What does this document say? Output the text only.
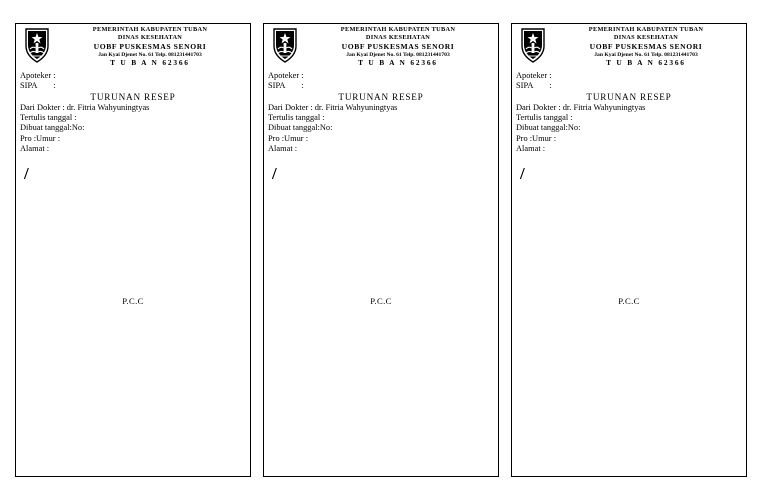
PEMERINTAH KABUPATEN TUBAN
DINAS KESEHATAN
UOBF PUSKESMAS SENORI
Jan Kyai Djenet No. 61 Telp. 081231441703
T U B A N 62366
Apoteker :
SIPA :
TURUNAN RESEP
Dari Dokter : dr. Fitria Wahyuningtyas
Tertulis tanggal :
Dibuat tanggal:No:
Pro :Umur :
Alamat :
/
P.C.C
PEMERINTAH KABUPATEN TUBAN
DINAS KESEHATAN
UOBF PUSKESMAS SENORI
Jan Kyai Djenet No. 61 Telp. 081231441703
T U B A N 62366
Apoteker :
SIPA :
TURUNAN RESEP
Dari Dokter : dr. Fitria Wahyuningtyas
Tertulis tanggal :
Dibuat tanggal:No:
Pro :Umur :
Alamat :
/
P.C.C
PEMERINTAH KABUPATEN TUBAN
DINAS KESEHATAN
UOBF PUSKESMAS SENORI
Jan Kyai Djenet No. 61 Telp. 081231441703
T U B A N 62366
Apoteker :
SIPA :
TURUNAN RESEP
Dari Dokter : dr. Fitria Wahyuningtyas
Tertulis tanggal :
Dibuat tanggal:No:
Pro :Umur :
Alamat :
/
P.C.C
